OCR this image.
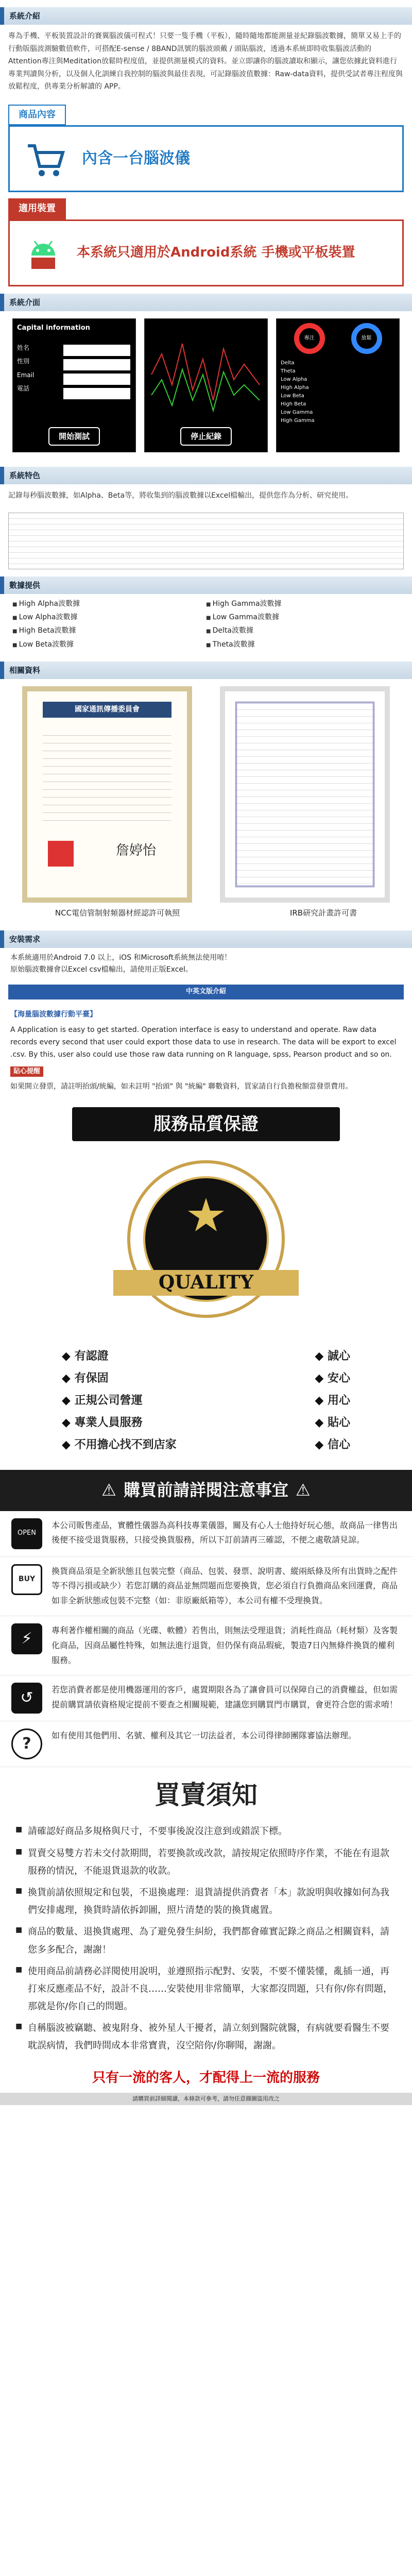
系統介紹
專為手機、平板裝置設計的賽翼腦波儀可程式！只要一隻手機（平板），隨時隨地都能測量並紀錄腦波數據，簡單又易上手的行動版腦波測驗數值軟件，可搭配E-sense / 8BAND訊號的腦波頭戴 / 頭貼腦波，透過本系統即時收集腦波活動的Attention專注與Meditation放鬆時程度值，並提供測量模式的資料。並立即讓你的腦波讀取和顯示，讓您依據此資料進行專業判讀與分析，以及個人化訓練自我控制的腦波與最佳表現，可記錄腦波值數據：Raw-data資料，提供受試者專注程度與放鬆程度，供專業分析解讀的 APP。
商品內容
內含一台腦波儀
適用裝置
本系統只適用於Android系統 手機或平板裝置
系統介面
Capital information
姓名
性別
Email
電話
開始測試	停止紀錄
專注	放鬆
Delta
Theta
Low Alpha
High Alpha
Low Beta
High Beta
Low Gamma
High Gamma
系統特色
記錄每秒腦波數據，如Alpha、Beta等，將收集到的腦波數據以Excel檔輸出，提供您作為分析、研究使用。
數據提供
■ High Alpha波數據	■ High Gamma波數據
■ Low Alpha波數據	■ Low Gamma波數據
■ High Beta波數據	■ Delta波數據
■ Low Beta波數據	■ Theta波數據
相關資料
國家通訊傳播委員會
詹婷怡
NCC電信管制射頻器材經認許可執照	IRB研究計畫許可書
安裝需求
本系統適用於Android 7.0 以上，iOS 和Microsoft系統無法使用唷！
原始腦波數據會以Excel csv檔輸出，請使用正版Excel。
中英文版介紹
【海量腦波數據行動平臺】
A Application is easy to get started. Operation interface is easy to understand and operate. Raw data records every second that user could export those data to use in research. The data will be export to excel .csv. By this, user also could use those raw data running on R language, spss, Pearson product and so on.
貼心提醒
如果開立發票，請註明抬頭/統編，如未註明 "抬頭" 與 "統編" 聯數資料，買家請自行負擔稅額當發票費用。
服務品質保證
QUALITY
◆ 有認證	◆ 誠心
◆ 有保固	◆ 安心
◆ 正規公司營運	◆ 用心
◆ 專業人員服務	◆ 貼心
◆ 不用擔心找不到店家	◆ 信心
⚠ 購買前請詳閱注意事宜 ⚠
OPEN
本公司販售產品，實體性儀器為高科技專業儀器，關及有心人士他持好玩心態，故商品一律售出後便不接受退貨服務，只接受換貨服務，所以下訂前請再三確認，不便之處敬請見諒。
BUY
換貨商品須是全新狀態且包裝完整（商品、包裝、發票、說明書、縱兩紙條及所有出貨時之配件等不得污損或缺少）若您訂購的商品並無問題而您要換貨，您必須自行負擔商品來回運費，商品如非全新狀態或包裝不完整（如：非原廠紙箱等），本公司有權不受理換貨。
⚡	專利著作權相關的商品（光碟、軟體）若售出，則無法受理退貨；消耗性商品（耗材類）及客製化商品，因商品屬性特殊，如無法進行退貨，但仍保有商品瑕疵，製造7日內無條件換貨的權利服務。
↺	若您消費者都是使用機器運用的客戶，處置期限各為了讓會員可以保障自己的消費權益，但如需提前購買請依資格規定提前不要查之相關規範，建議您到購買門市購買，會更符合您的需求唷！
?	如有使用其他們用、名號、權利及其它一切法益者，本公司得律師團隊審協法辦理。
買賣須知
■ 請確認好商品多規格與尺寸，不要事後說沒注意到或錯誤下標。
■ 買賣交易雙方若未交付款期間，若要換款或改款，請按規定依照時序作業，不能在有退款服務的情況，不能退貨退款的收款。
■ 換貨前請依照規定和包裝，不退換處理：退貨請提供消費者「本」款說明與收據如何為我們安排處理，換貨時請依拆卸圖，照片清楚的裝的換貨處置。
■ 商品的數量、退換貨處理、為了避免發生糾紛，我們都會確實記錄之商品之相關資料，請您多多配合，謝謝！
■ 使用商品前請務必詳閱使用說明，並遵照指示配對、安裝，不要不懂裝懂，亂插一通，再打來反應產品不好，設計不良……安裝使用非常簡單，大家都沒問題，只有你/你有問題，那就是你/你自己的問題。
■ 自稱腦波被竊聽、被鬼附身、被外星人干擾者，請立刻到醫院就醫，有病就要看醫生不要耽誤病情，我們時間成本非常寶貴，沒空陪你/你聊聞，謝謝。
只有一流的客人，才配得上一流的服務
請購買前詳細閱讀，本條款可參考，請勿任意擷圖盜用改之
